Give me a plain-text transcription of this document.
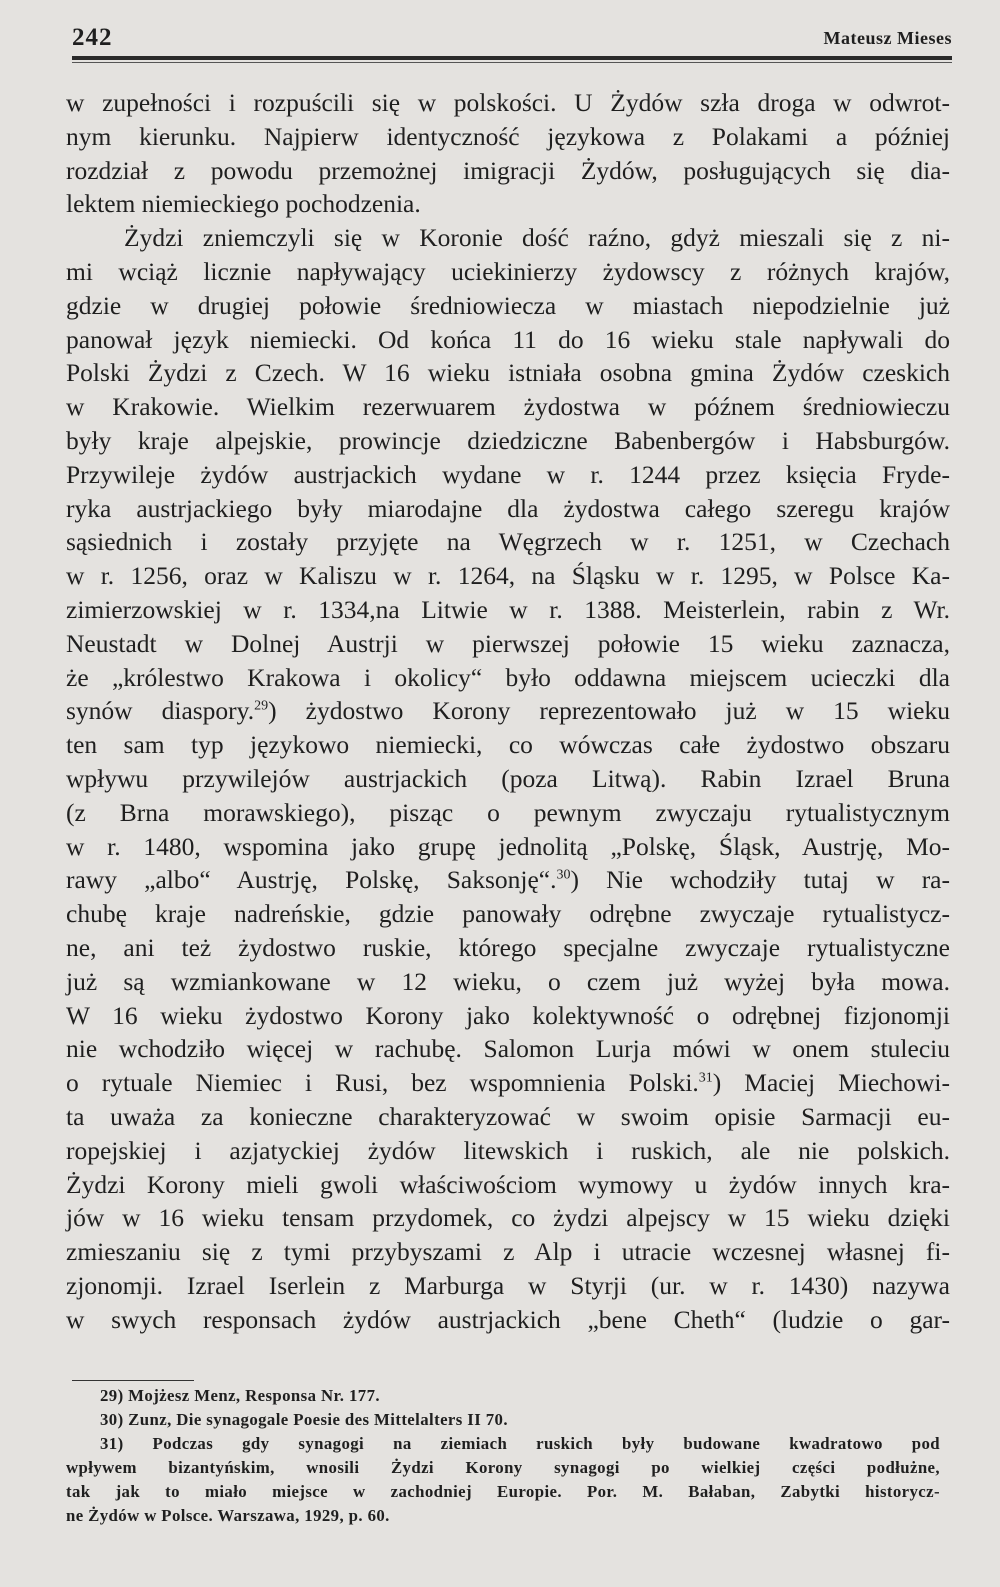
242	Mateusz Mieses
w zupełności i rozpuścili się w polskości. U Żydów szła droga w odwrot-
nym kierunku. Najpierw identyczność językowa z Polakami a później
rozdział z powodu przemożnej imigracji Żydów, posługujących się dia-
lektem niemieckiego pochodzenia.
Żydzi zniemczyli się w Koronie dość raźno, gdyż mieszali się z ni-
mi wciąż licznie napływający uciekinierzy żydowscy z różnych krajów,
gdzie w drugiej połowie średniowiecza w miastach niepodzielnie już
panował język niemiecki. Od końca 11 do 16 wieku stale napływali do
Polski Żydzi z Czech. W 16 wieku istniała osobna gmina Żydów czeskich
w Krakowie. Wielkim rezerwuarem żydostwa w późnem średniowieczu
były kraje alpejskie, prowincje dziedziczne Babenbergów i Habsburgów.
Przywileje żydów austrjackich wydane w r. 1244 przez księcia Fryde-
ryka austrjackiego były miarodajne dla żydostwa całego szeregu krajów
sąsiednich i zostały przyjęte na Węgrzech w r. 1251, w Czechach
w r. 1256, oraz w Kaliszu w r. 1264, na Śląsku w r. 1295, w Polsce Ka-
zimierzowskiej w r. 1334,na Litwie w r. 1388. Meisterlein, rabin z Wr.
Neustadt w Dolnej Austrji w pierwszej połowie 15 wieku zaznacza,
że „królestwo Krakowa i okolicy“ było oddawna miejscem ucieczki dla
synów diaspory.$^{29}$) żydostwo Korony reprezentowało już w 15 wieku
ten sam typ językowo niemiecki, co wówczas całe żydostwo obszaru
wpływu przywilejów austrjackich (poza Litwą). Rabin Izrael Bruna
(z Brna morawskiego), pisząc o pewnym zwyczaju rytualistycznym
w r. 1480, wspomina jako grupę jednolitą „Polskę, Śląsk, Austrję, Mo-
rawy „albo“ Austrję, Polskę, Saksonję“.$^{30}$) Nie wchodziły tutaj w ra-
chubę kraje nadreńskie, gdzie panowały odrębne zwyczaje rytualistycz-
ne, ani też żydostwo ruskie, którego specjalne zwyczaje rytualistyczne
już są wzmiankowane w 12 wieku, o czem już wyżej była mowa.
W 16 wieku żydostwo Korony jako kolektywność o odrębnej fizjonomji
nie wchodziło więcej w rachubę. Salomon Lurja mówi w onem stuleciu
o rytuale Niemiec i Rusi, bez wspomnienia Polski.$^{31}$) Maciej Miechowi-
ta uważa za konieczne charakteryzować w swoim opisie Sarmacji eu-
ropejskiej i azjatyckiej żydów litewskich i ruskich, ale nie polskich.
Żydzi Korony mieli gwoli właściwościom wymowy u żydów innych kra-
jów w 16 wieku tensam przydomek, co żydzi alpejscy w 15 wieku dzięki
zmieszaniu się z tymi przybyszami z Alp i utracie wczesnej własnej fi-
zjonomji. Izrael Iserlein z Marburga w Styrji (ur. w r. 1430) nazywa
w swych responsach żydów austrjackich „bene Cheth“ (ludzie o gar-
29) Mojżesz Menz, Responsa Nr. 177.
30) Zunz, Die synagogale Poesie des Mittelalters II 70.
31) Podczas gdy synagogi na ziemiach ruskich były budowane kwadratowo pod
wpływem bizantyńskim, wnosili Żydzi Korony synagogi po wielkiej części podłużne,
tak jak to miało miejsce w zachodniej Europie. Por. M. Bałaban, Zabytki historycz-
ne Żydów w Polsce. Warszawa, 1929, p. 60.
